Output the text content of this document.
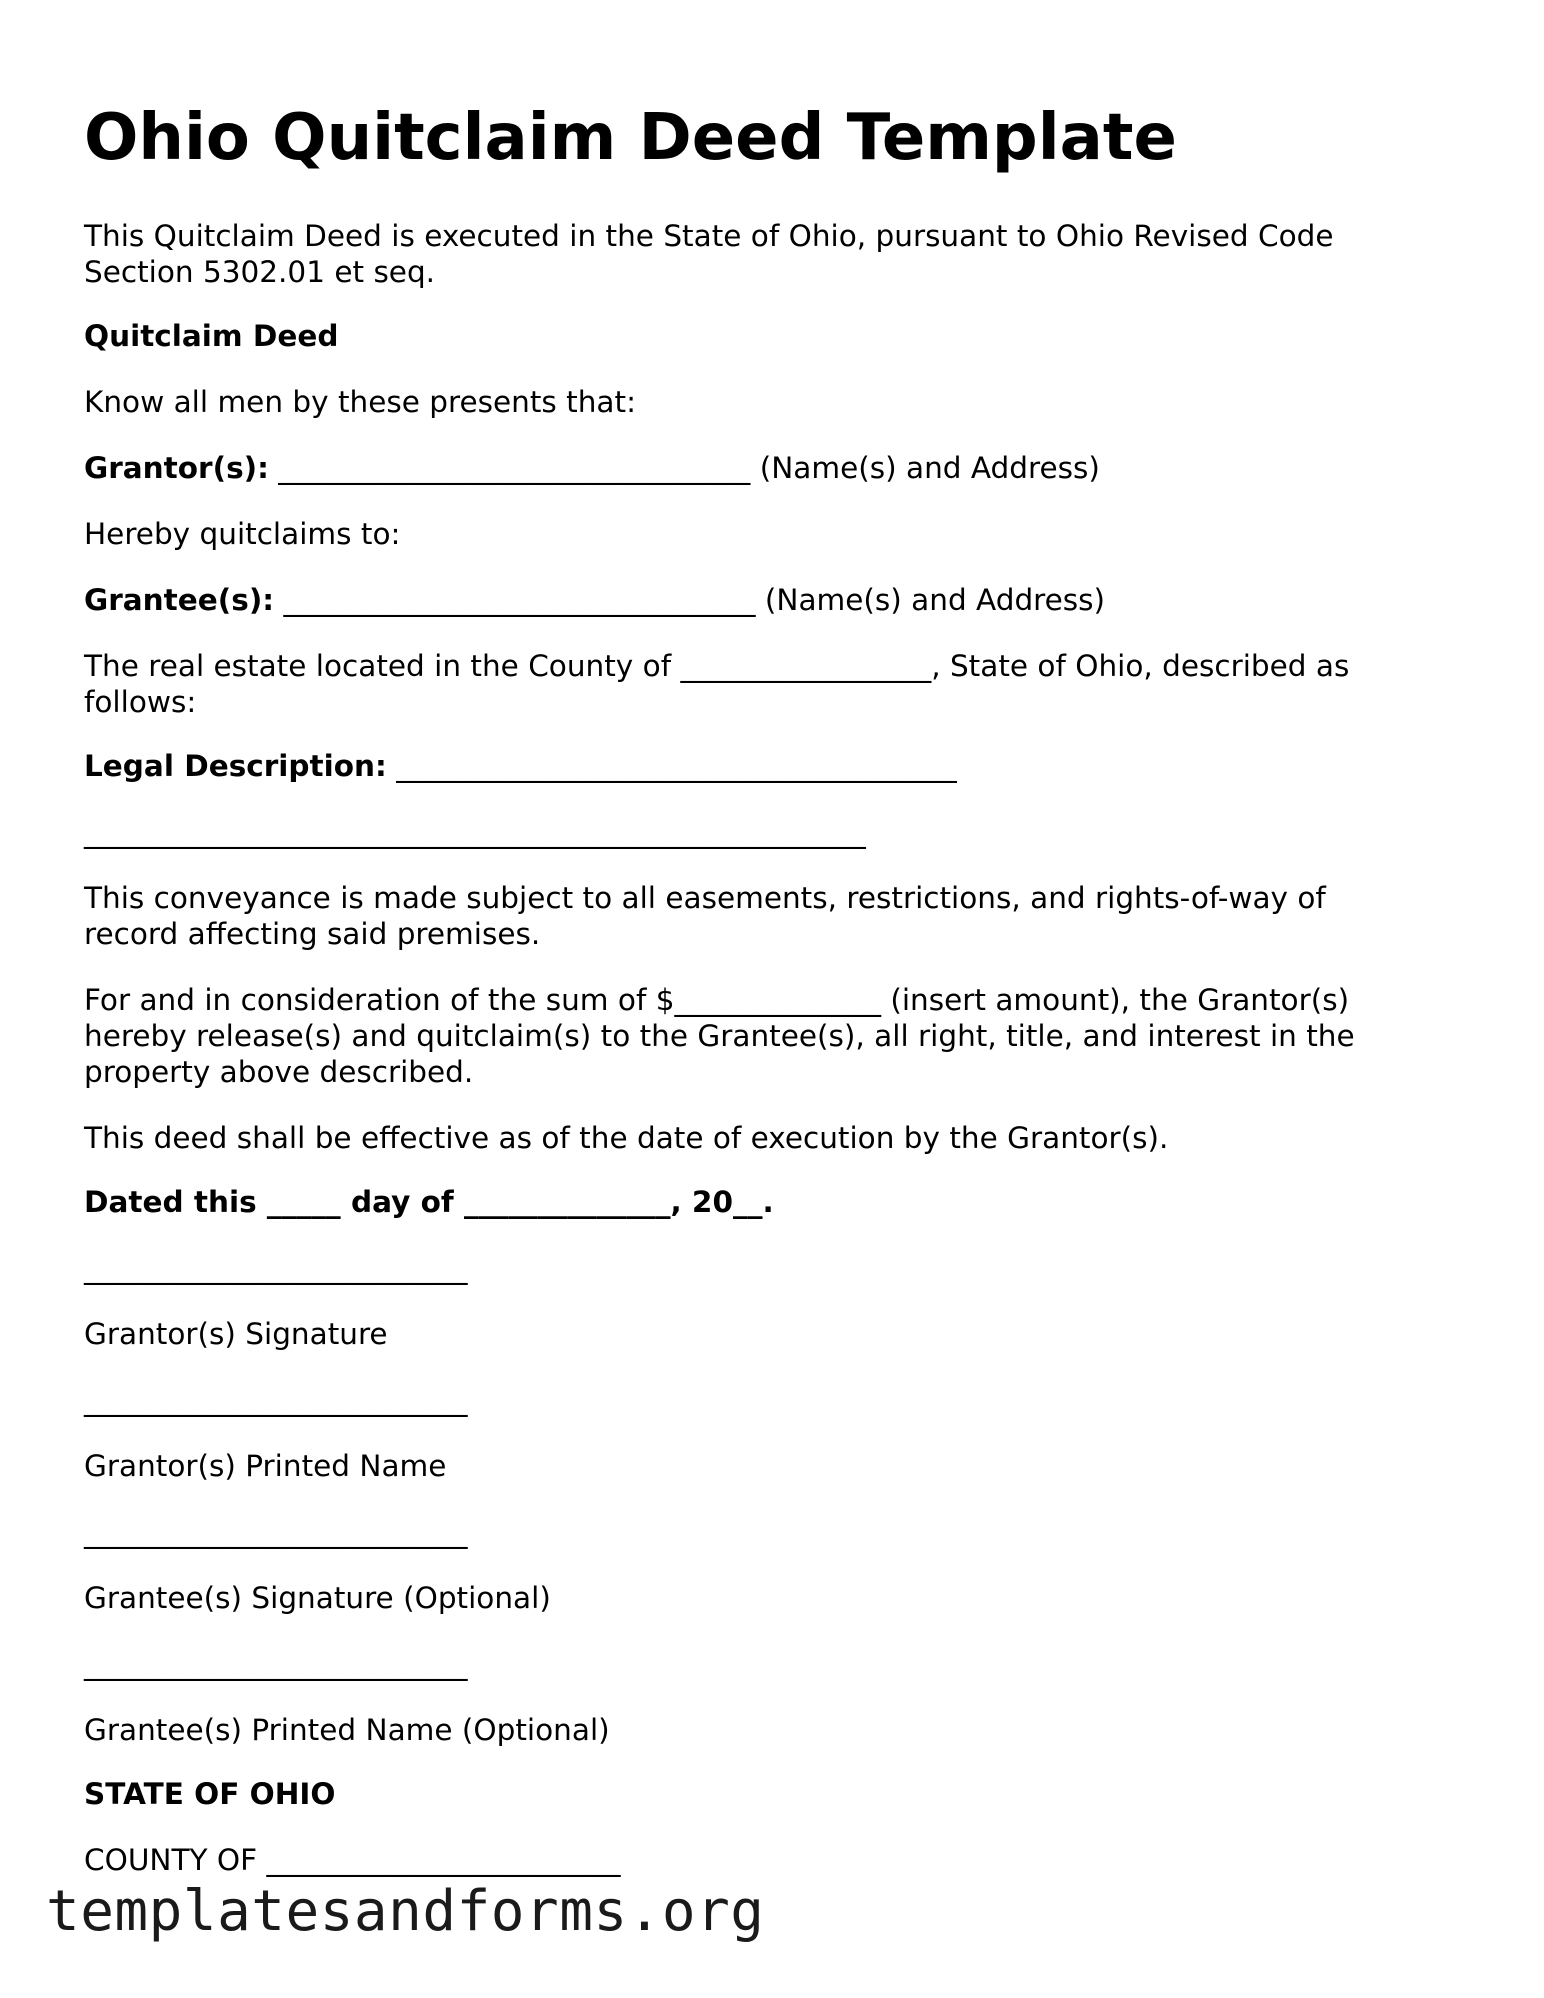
Ohio Quitclaim Deed Template

This Quitclaim Deed is executed in the State of Ohio, pursuant to Ohio Revised Code

Section 5302.01 et seq.

Quitclaim Deed

Know all men by these presents that:

Grantor(s): ________________________________ (Name(s) and Address)

Hereby quitclaims to:

Grantee(s): ________________________________ (Name(s) and Address)

The real estate located in the County of _________________, State of Ohio, described as

follows:

Legal Description: ______________________________________

_____________________________________________________

This conveyance is made subject to all easements, restrictions, and rights-of-way of

record affecting said premises.

For and in consideration of the sum of $______________ (insert amount), the Grantor(s)

hereby release(s) and quitclaim(s) to the Grantee(s), all right, title, and interest in the

property above described.

This deed shall be effective as of the date of execution by the Grantor(s).

Dated this _____ day of ______________, 20__.

__________________________

Grantor(s) Signature

__________________________

Grantor(s) Printed Name

__________________________

Grantee(s) Signature (Optional)

__________________________

Grantee(s) Printed Name (Optional)

STATE OF OHIO

COUNTY OF ________________________

templatesandforms.org
